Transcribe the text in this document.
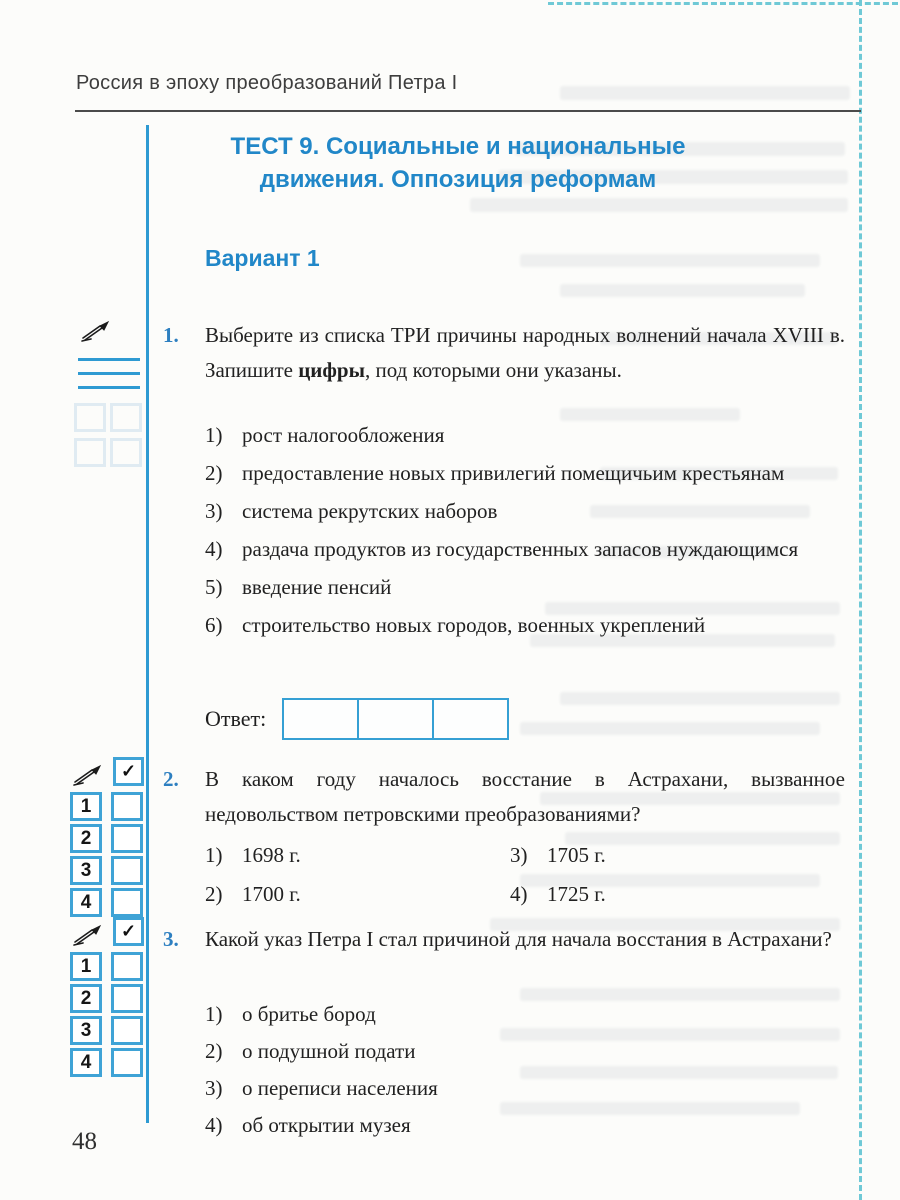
Россия в эпоху преобразований Петра I
ТЕСТ 9. Социальные и национальные
движения. Оппозиция реформам
Вариант 1
1.	Выберите из списка ТРИ причины народных волнений начала XVIII в. Запишите цифры, под которыми они указаны.

1) рост налогообложения
2) предоставление новых привилегий помещичьим крестьянам
3) система рекрутских наборов
4) раздача продуктов из государственных запасов нуждающимся
5) введение пенсий
6) строительство новых городов, военных укреплений
Ответ:
2.	В каком году началось восстание в Астрахани, вызванное недовольством петровскими преобразованиями?

1) 1698 г.	3) 1705 г.
2) 1700 г.	4) 1725 г.
3.	Какой указ Петра I стал причиной для начала восстания в Астрахани?

1) о бритье бород
2) о подушной подати
3) о переписи населения
4) об открытии музея
✓
1
2
3
4
✓
1
2
3
4
48
